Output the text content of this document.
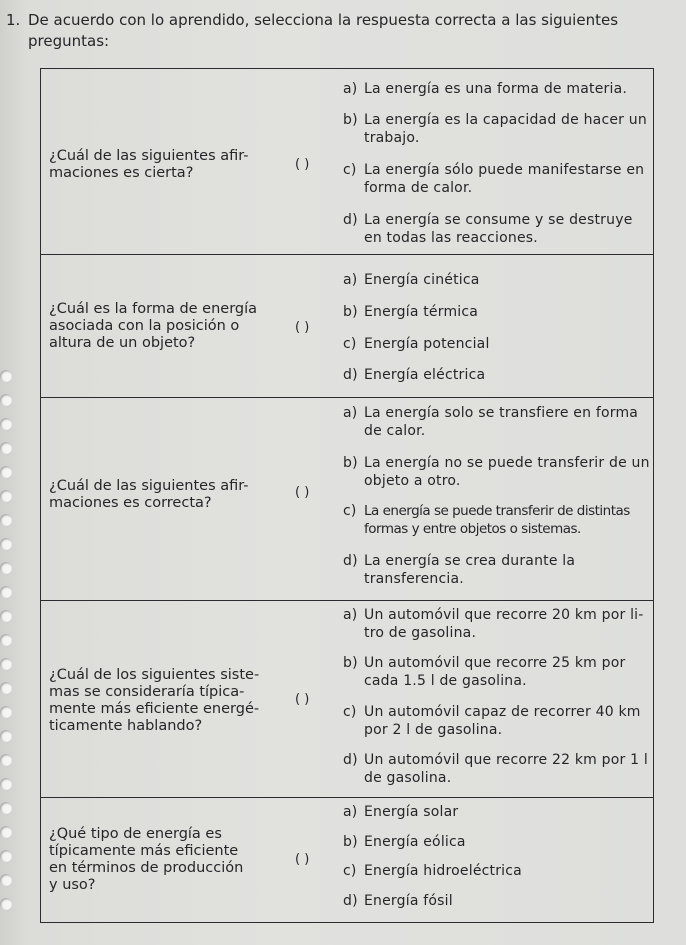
1. De acuerdo con lo aprendido, selecciona la respuesta correcta a las siguientes preguntas:
¿Cuál de las siguientes afir-
maciones es cierta?
( )
a) La energía es una forma de materia.
b) La energía es la capacidad de hacer un trabajo.
c) La energía sólo puede manifestarse en forma de calor.
d) La energía se consume y se destruye en todas las reacciones.
¿Cuál es la forma de energía
asociada con la posición o
altura de un objeto?
( )
a) Energía cinética
b) Energía térmica
c) Energía potencial
d) Energía eléctrica
¿Cuál de las siguientes afir-
maciones es correcta?
( )
a) La energía solo se transfiere en forma de calor.
b) La energía no se puede transferir de un objeto a otro.
c) La energía se puede transferir de distintas formas y entre objetos o sistemas.
d) La energía se crea durante la transferencia.
¿Cuál de los siguientes siste-
mas se consideraría típica-
mente más eficiente energé-
ticamente hablando?
( )
a) Un automóvil que recorre 20 km por li-tro de gasolina.
b) Un automóvil que recorre 25 km por cada 1.5 l de gasolina.
c) Un automóvil capaz de recorrer 40 km por 2 l de gasolina.
d) Un automóvil que recorre 22 km por 1 l de gasolina.
¿Qué tipo de energía es
típicamente más eficiente
en términos de producción
y uso?
( )
a) Energía solar
b) Energía eólica
c) Energía hidroeléctrica
d) Energía fósil
